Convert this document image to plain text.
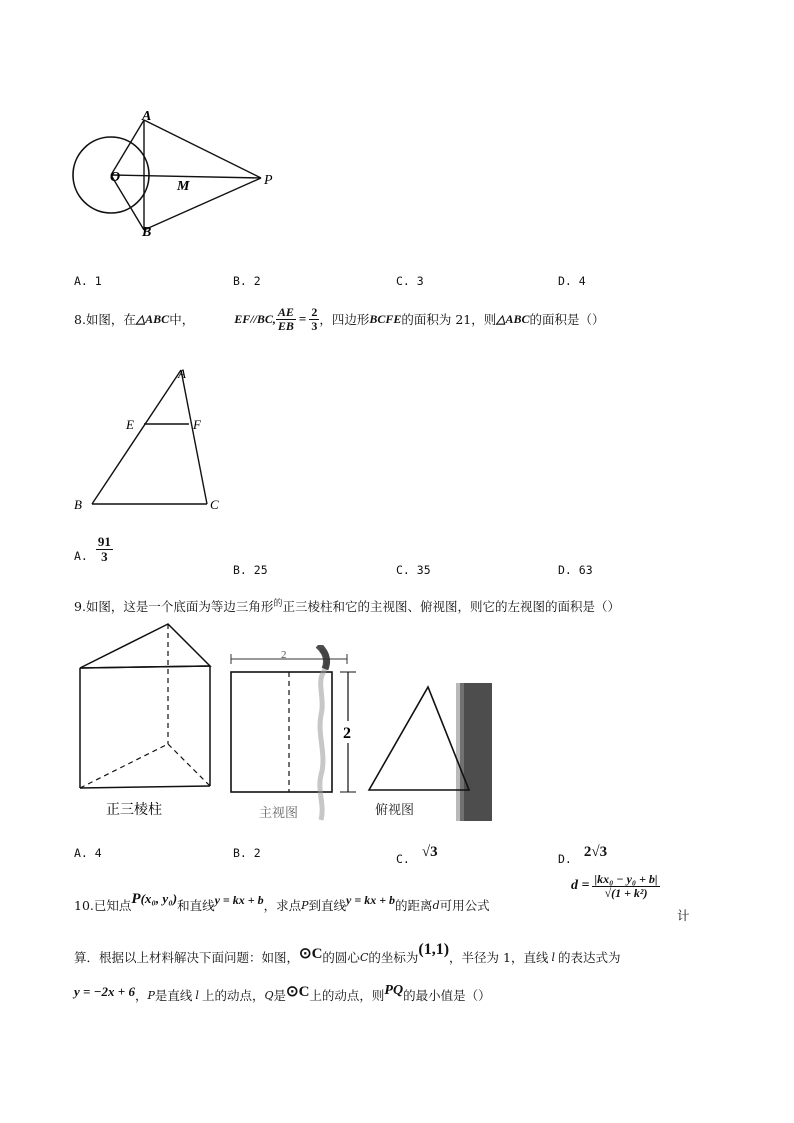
A
O
M	P
B
A. 1	B. 2	C. 3	D. 4
8.如图，在 △ABC 中，	EF//BC, $\frac{AE}{EB} = \frac{2}{3}$ ，四边形 BCFE 的面积为 21，则 △ABC 的面积是（）
A
E	F
B	C
A. $\frac{91}{3}$
B. 25	C. 35	D. 63
9.如图，这是一个底面为等边三角形$^的$正三棱柱和它的主视图、俯视图，则它的左视图的面积是（）
正三棱柱
2
2
主视图	俯视图
A. 4	B. 2	C. √3	D. 2√3
10.已知点 P (x₀, y₀) 和直线 y = kx + b ，求点 P 到直线 y = kx + b 的距离 d 可用公式
$d = \frac{\text{|kx₀ − y₀ + b|}}{\text{√(1 + k²)}}$
计
算．根据以上材料解决下面问题：如图， ⊙C 的圆心 C 的坐标为 (1,1) ，半径为 1，直线 l 的表达式为
y = −2x + 6 ， P 是直线 l 上的动点， Q 是 ⊙C 上的动点，则 PQ 的最小值是（）
